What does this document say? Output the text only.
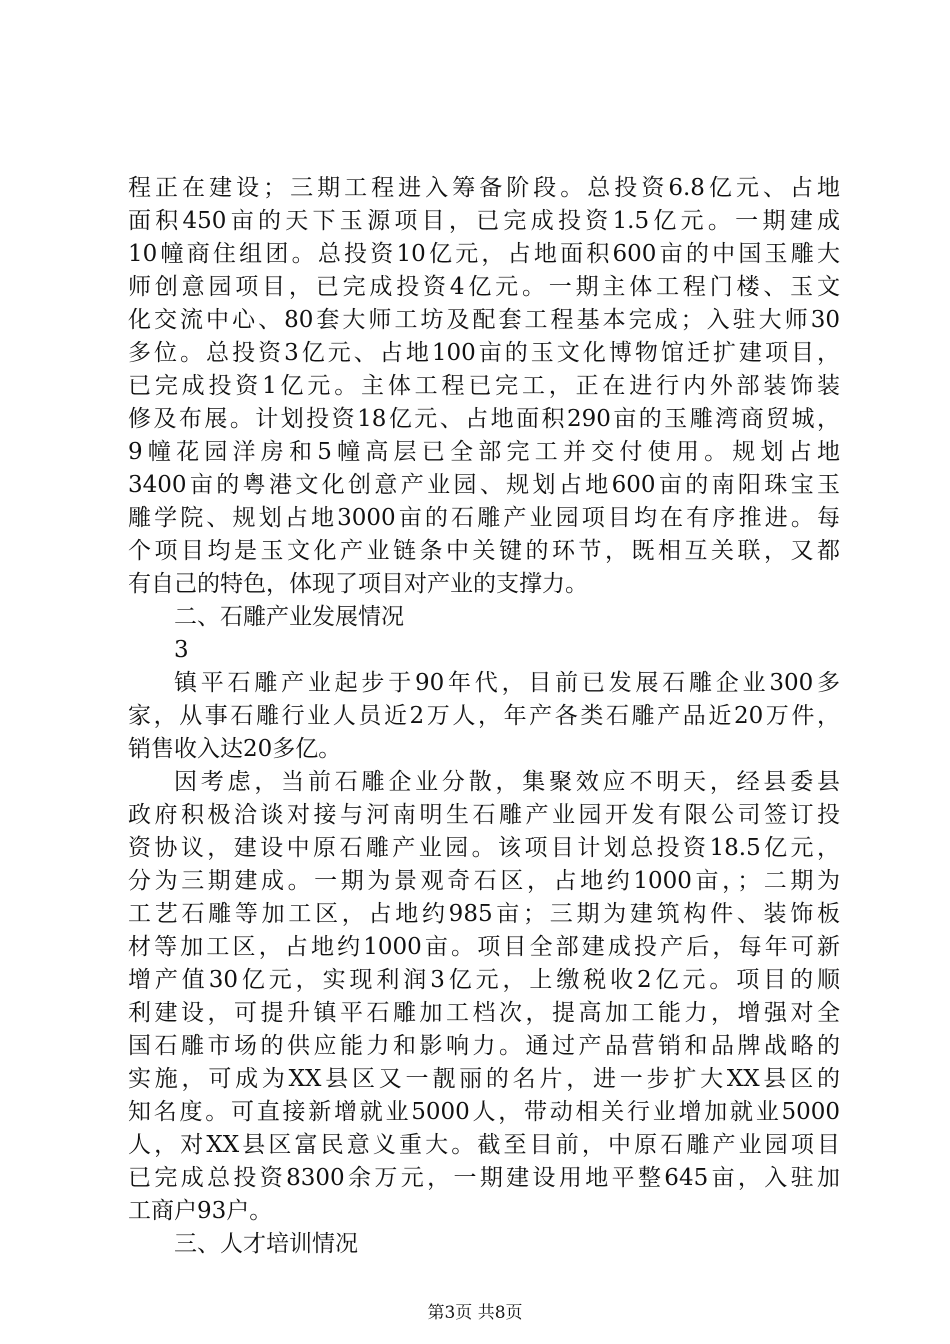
程正在建设；三期工程进入筹备阶段。总投资6.8亿元、占地
面积450亩的天下玉源项目，已完成投资1.5亿元。一期建成
10幢商住组团。总投资10亿元，占地面积600亩的中国玉雕大
师创意园项目，已完成投资4亿元。一期主体工程门楼、玉文
化交流中心、80套大师工坊及配套工程基本完成；入驻大师30
多位。总投资3亿元、占地100亩的玉文化博物馆迁扩建项目，
已完成投资1亿元。主体工程已完工，正在进行内外部装饰装
修及布展。计划投资18亿元、占地面积290亩的玉雕湾商贸城，
9幢花园洋房和5幢高层已全部完工并交付使用。规划占地
3400亩的粤港文化创意产业园、规划占地600亩的南阳珠宝玉
雕学院、规划占地3000亩的石雕产业园项目均在有序推进。每
个项目均是玉文化产业链条中关键的环节，既相互关联，又都
有自己的特色，体现了项目对产业的支撑力。
二、石雕产业发展情况
3
镇平石雕产业起步于90年代，目前已发展石雕企业300多
家，从事石雕行业人员近2万人，年产各类石雕产品近20万件，
销售收入达20多亿。
因考虑，当前石雕企业分散，集聚效应不明天，经县委县
政府积极洽谈对接与河南明生石雕产业园开发有限公司签订投
资协议，建设中原石雕产业园。该项目计划总投资18.5亿元，
分为三期建成。一期为景观奇石区，占地约1000亩，；二期为
工艺石雕等加工区，占地约985亩；三期为建筑构件、装饰板
材等加工区，占地约1000亩。项目全部建成投产后，每年可新
增产值30亿元，实现利润3亿元，上缴税收2亿元。项目的顺
利建设，可提升镇平石雕加工档次，提高加工能力，增强对全
国石雕市场的供应能力和影响力。通过产品营销和品牌战略的
实施，可成为XX县区又一靓丽的名片，进一步扩大XX县区的
知名度。可直接新增就业5000人，带动相关行业增加就业5000
人，对XX县区富民意义重大。截至目前，中原石雕产业园项目
已完成总投资8300余万元，一期建设用地平整645亩，入驻加
工商户93户。
三、人才培训情况
第3页 共8页
